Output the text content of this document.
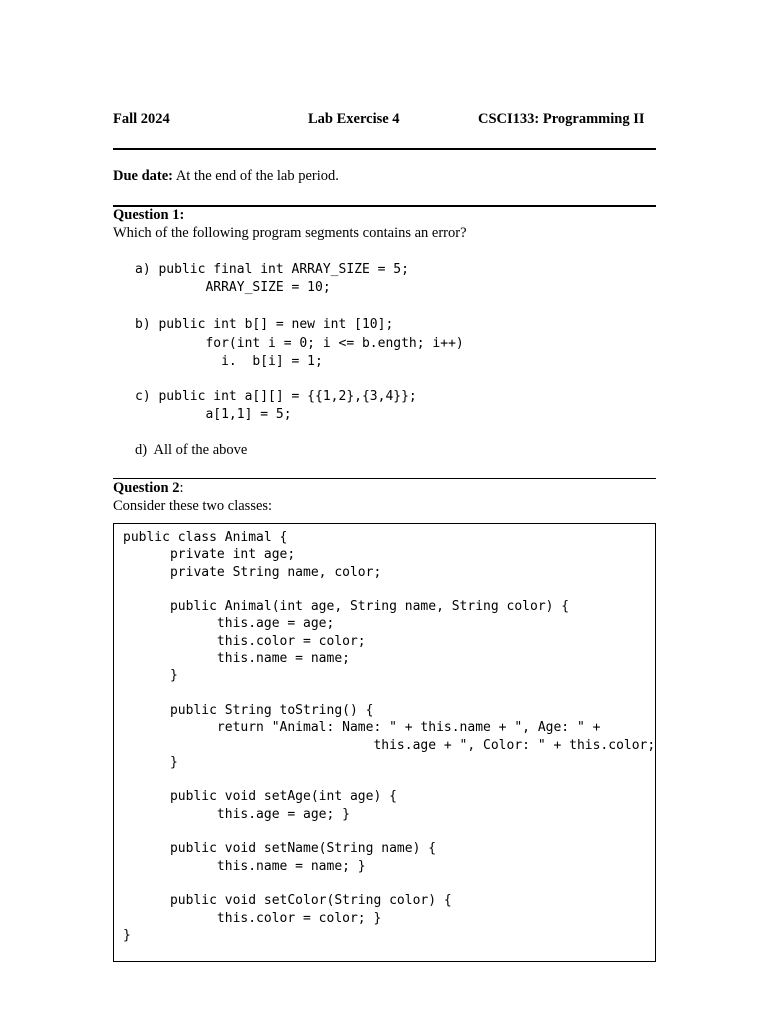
Fall 2024	Lab Exercise 4	CSCI133: Programming II
Due date: At the end of the lab period.
Question 1:
Which of the following program segments contains an error?
a) public final int ARRAY_SIZE = 5;
ARRAY_SIZE = 10;
b) public int b[] = new int [10];
for(int i = 0; i <= b.ength; i++)
i.  b[i] = 1;
c) public int a[][] = {{1,2},{3,4}};
a[1,1] = 5;
d)  All of the above
Question 2:
Consider these two classes:
public class Animal {
private int age;
private String name, color;

public Animal(int age, String name, String color) {
this.age = age;
this.color = color;
this.name = name;
}

public String toString() {
return "Animal: Name: " + this.name + ", Age: " +
this.age + ", Color: " + this.color;
}

public void setAge(int age) {
this.age = age; }

public void setName(String name) {
this.name = name; }

public void setColor(String color) {
this.color = color; }
}
